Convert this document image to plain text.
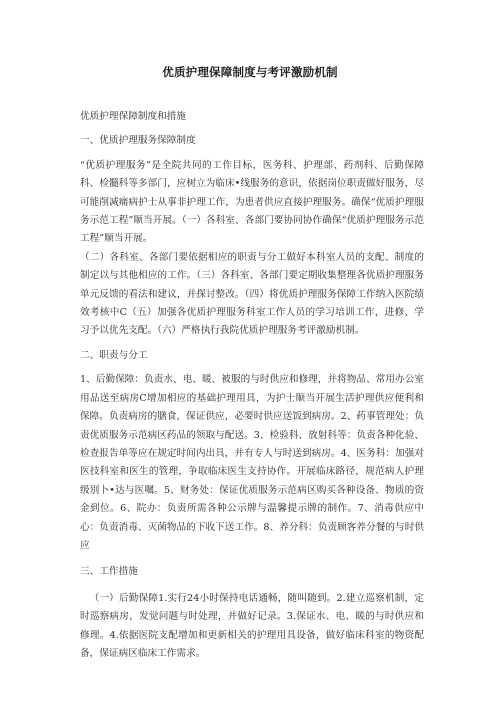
优质护理保障制度与考评激励机制

优质护理保障制度和措施

一、优质护理服务保障制度

“优质护理服务”是全院共同的工作目标，医务科、护理部、药剂科、后勤保障科、检髓科等多部门，应树立为临床•线服务的意识，依据岗位职责做好服务，尽可能削减痛病护士从事非护理工作，为患者供应直接护理服务。确保“优质护理服务示范工程”顺当开展。（一）各科室、各部门要协同协作确保“优质护理服务示范工程”顺当开展。

（二）各科室、各部门要依据相应的职责与分工做好本科室人员的支配、制度的制定以与其他相应的工作。（三）各科室、各部门要定期收集整理各优质护理服务单元反馈的看法和建议，并探讨整改。（四）将优质护理服务保障工作纳入医院绩效考核中C（五）加强各优质护理服务科室工作人员的学习培训工作，进修、学习予以优先支配。（六）严格执行我院优质护理服务考评激励机制。

二、职责与分工

1、后勤保障：负责水、电、暖、被服的与时供应和修理，并将物品、常用办公室用品送至病房C增加相应的基础护理用具，为护士顺当开展生活护理供应便利和保障。负责病房的膳食，保证供应，必要时供应送饭到病房。2、药事管理处：负责优质服务示范病区药品的领取与配送。3、检验科、放射科等：负责各种化验、检查报告单等应在规定时间内出具，并有专人与时送到病房。4、医务科：加强对医技科室和医生的管理，争取临床医生支持协作。开展临床路径，规范病人护理级别卜•达与医嘱。5、财务处：保证优质服务示范病区购买各种设备、物质的资金到位。6、院办：负责所需各种公示牌与温馨提示牌的制作。7、消毒供应中心：负责消毒、灭菌物品的下收下送工作。8、养分科：负责顾客养分餐的与时供应

三、工作措施

（一）后勤保障1.实行24小时保持电话通畅，随叫随到。2.建立巡察机制，定时巡察病房，发觉问题与时处理，并做好记录。3.保证水、电、暖的与时供应和修理。4.依据医院支配增加和更新相关的护理用具设备，做好临床科室的物资配备，保证病区临床工作需求。
